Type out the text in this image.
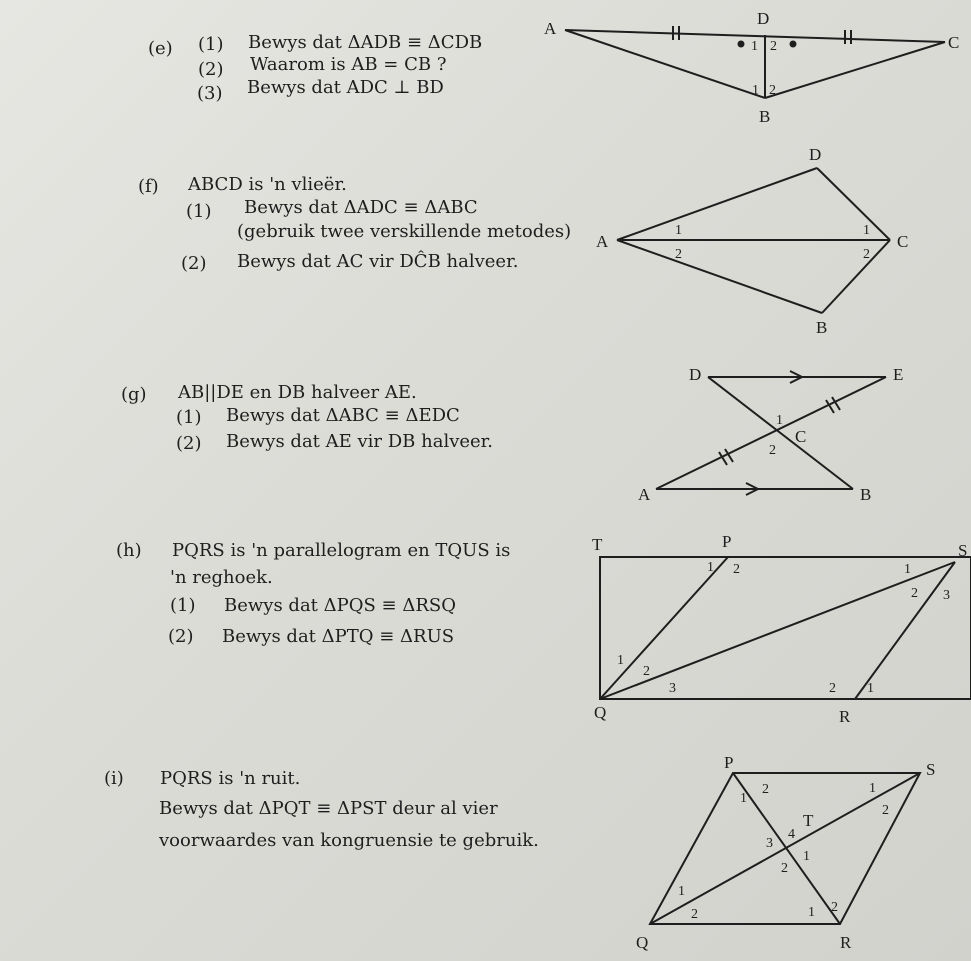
(e) (1) Bewys dat ΔADB ≡ ΔCDB
(2) Waarom is AB = CB ?
(3) Bewys dat ADC ⊥ BD
(f) ABCD is 'n vlieër.
(1) Bewys dat ΔADC ≡ ΔABC
(gebruik twee verskillende metodes)
(2) Bewys dat AC vir DĈB halveer.
(g) AB||DE en DB halveer AE.
(1) Bewys dat ΔABC ≡ ΔEDC
(2) Bewys dat AE vir DB halveer.
(h) PQRS is 'n parallelogram en TQUS is
'n reghoek.
(1) Bewys dat ΔPQS ≡ ΔRSQ
(2) Bewys dat ΔPTQ ≡ ΔRUS
(i) PQRS is 'n ruit.
Bewys dat ΔPQT ≡ ΔPST deur al vier
voorwaardes van kongruensie te gebruik.
A
D
C
B
1 2
1 2
A
D
C
B
1
2
1
2
D	E
C
A	B
1
2
T	P	S
Q	R
1 2	1
2 3
1
2
3	1
2
P	S
Q	R
T
1
2	1
2
3
4
1
2
1
2	1 2
